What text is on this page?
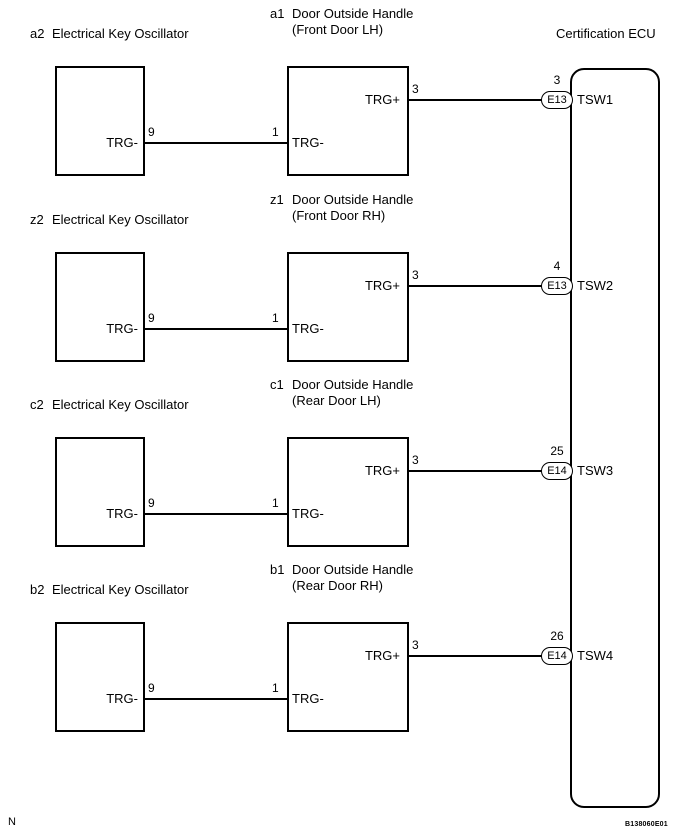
Certification ECU
a2 Electrical Key Oscillator
a1 Door Outside Handle
(Front Door LH)
TRG-
9	1
TRG-
TRG+
3
3
E13 TSW1
z2 Electrical Key Oscillator
z1 Door Outside Handle
(Front Door RH)
TRG-
9	1
TRG-
TRG+
3
4
E13 TSW2
c2 Electrical Key Oscillator
c1 Door Outside Handle
(Rear Door LH)
TRG-
9	1
TRG-
TRG+
3
25
E14 TSW3
b2 Electrical Key Oscillator
b1 Door Outside Handle
(Rear Door RH)
TRG-
9	1
TRG-
TRG+
3
26
E14 TSW4
N	B138060E01
